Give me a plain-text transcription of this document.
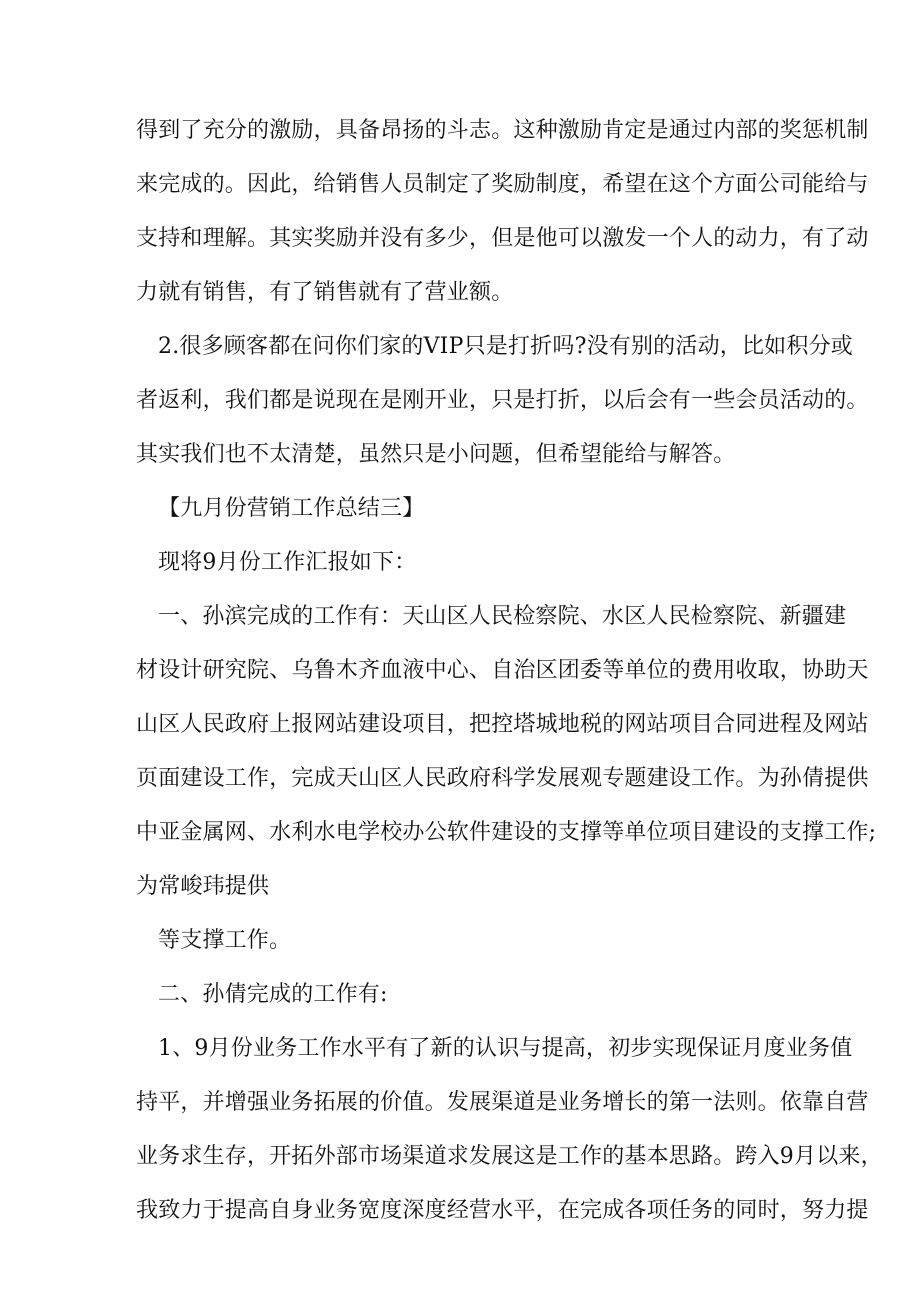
得到了充分的激励，具备昂扬的斗志。这种激励肯定是通过内部的奖惩机制
来完成的。因此，给销售人员制定了奖励制度，希望在这个方面公司能给与
支持和理解。其实奖励并没有多少，但是他可以激发一个人的动力，有了动
力就有销售，有了销售就有了营业额。
2.很多顾客都在问你们家的VIP只是打折吗?没有别的活动，比如积分或
者返利，我们都是说现在是刚开业，只是打折，以后会有一些会员活动的。
其实我们也不太清楚，虽然只是小问题，但希望能给与解答。
【九月份营销工作总结三】
现将9月份工作汇报如下：
一、孙滨完成的工作有：天山区人民检察院、水区人民检察院、新疆建
材设计研究院、乌鲁木齐血液中心、自治区团委等单位的费用收取，协助天
山区人民政府上报网站建设项目，把控塔城地税的网站项目合同进程及网站
页面建设工作，完成天山区人民政府科学发展观专题建设工作。为孙倩提供
中亚金属网、水利水电学校办公软件建设的支撑等单位项目建设的支撑工作;
为常峻玮提供
等支撑工作。
二、孙倩完成的工作有:
1、9月份业务工作水平有了新的认识与提高，初步实现保证月度业务值
持平，并增强业务拓展的价值。发展渠道是业务增长的第一法则。依靠自营
业务求生存，开拓外部市场渠道求发展这是工作的基本思路。跨入9月以来，
我致力于提高自身业务宽度深度经营水平，在完成各项任务的同时，努力提
